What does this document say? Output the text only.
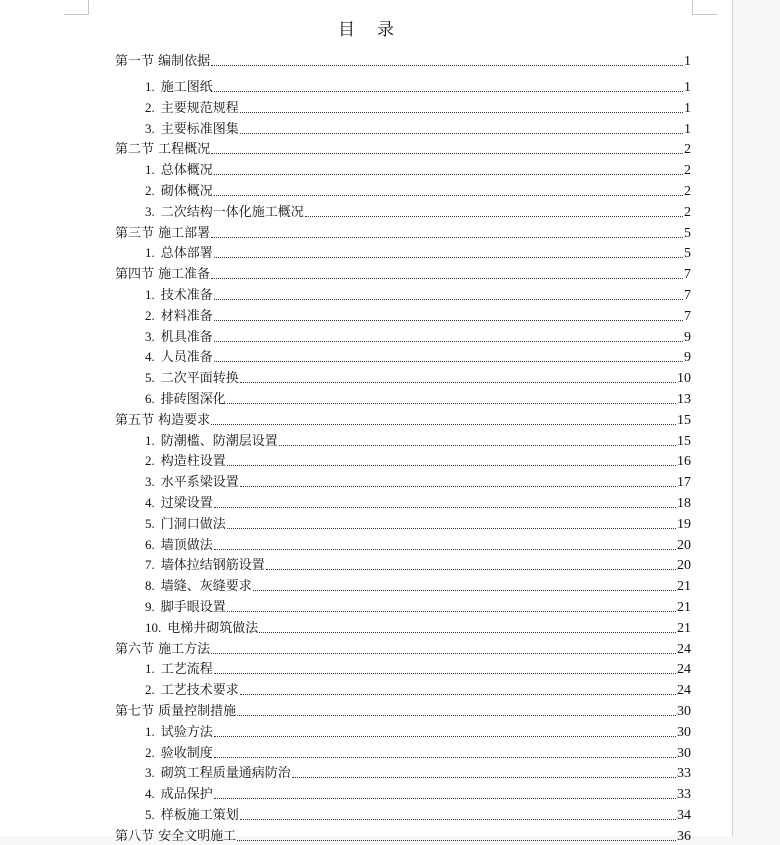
目录
第一节 编制依据	1
1. 施工图纸	1
2. 主要规范规程	1
3. 主要标准图集	1
第二节 工程概况	2
1. 总体概况	2
2. 砌体概况	2
3. 二次结构一体化施工概况	2
第三节 施工部署	5
1. 总体部署	5
第四节 施工准备	7
1. 技术准备	7
2. 材料准备	7
3. 机具准备	9
4. 人员准备	9
5. 二次平面转换	10
6. 排砖图深化	13
第五节 构造要求	15
1. 防潮槛、防潮层设置	15
2. 构造柱设置	16
3. 水平系梁设置	17
4. 过梁设置	18
5. 门洞口做法	19
6. 墙顶做法	20
7. 墙体拉结钢筋设置	20
8. 墙缝、灰缝要求	21
9. 脚手眼设置	21
10. 电梯井砌筑做法	21
第六节 施工方法	24
1. 工艺流程	24
2. 工艺技术要求	24
第七节 质量控制措施	30
1. 试验方法	30
2. 验收制度	30
3. 砌筑工程质量通病防治	33
4. 成品保护	33
5. 样板施工策划	34
第八节 安全文明施工	36
